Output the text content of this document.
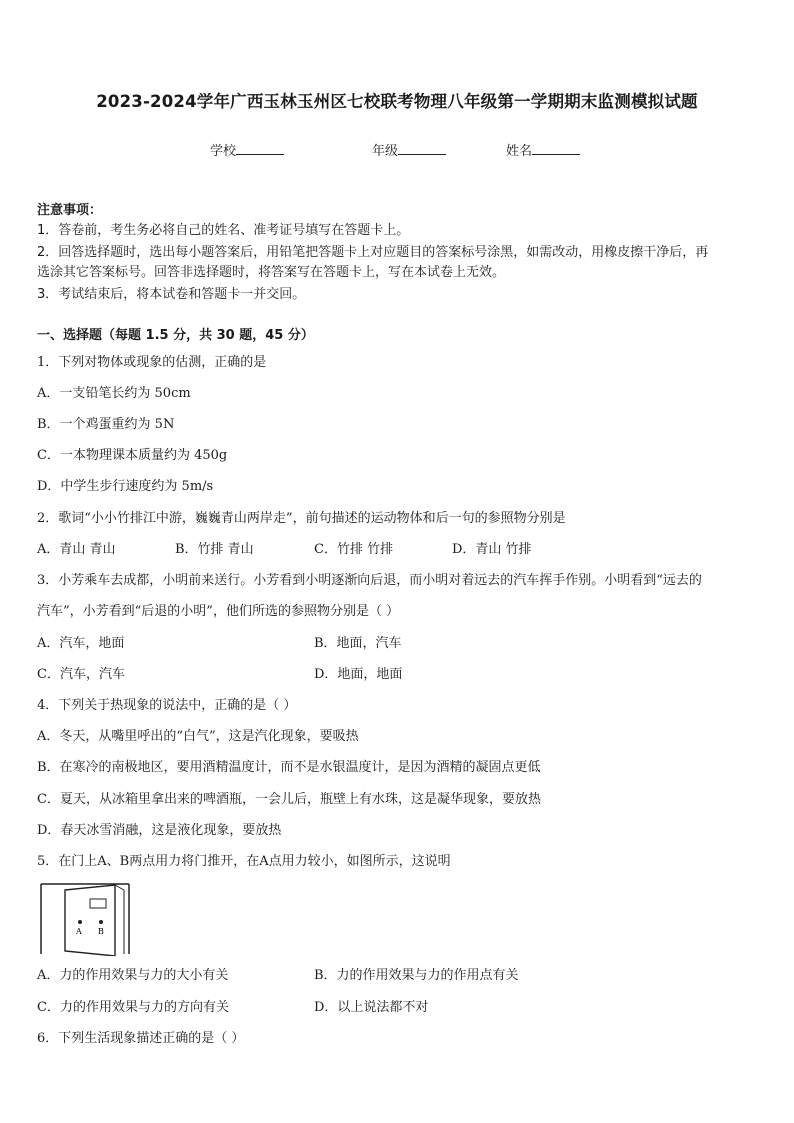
2023-2024学年广西玉林玉州区七校联考物理八年级第一学期期末监测模拟试题
学校	年级	姓名
注意事项：
1．答卷前，考生务必将自己的姓名、准考证号填写在答题卡上。
2．回答选择题时，选出每小题答案后，用铅笔把答题卡上对应题目的答案标号涂黑，如需改动，用橡皮擦干净后，再
选涂其它答案标号。回答非选择题时，将答案写在答题卡上，写在本试卷上无效。
3．考试结束后，将本试卷和答题卡一并交回。
一、选择题（每题 1.5 分，共 30 题，45 分）
1．下列对物体或现象的估测，正确的是
A．一支铅笔长约为 50cm
B．一个鸡蛋重约为 5N
C．一本物理课本质量约为 450g
D．中学生步行速度约为 5m/s
2．歌词“小小竹排江中游，巍巍青山两岸走”，前句描述的运动物体和后一句的参照物分别是
A．青山 青山	B．竹排 青山	C．竹排 竹排	D．青山 竹排
3．小芳乘车去成都，小明前来送行。小芳看到小明逐渐向后退，而小明对着远去的汽车挥手作别。小明看到“远去的
汽车”，小芳看到“后退的小明”，他们所选的参照物分别是（ ）
A．汽车，地面	B．地面，汽车
C．汽车，汽车	D．地面，地面
4．下列关于热现象的说法中，正确的是（ ）
A．冬天，从嘴里呼出的“白气”，这是汽化现象，要吸热
B．在寒冷的南极地区，要用酒精温度计，而不是水银温度计，是因为酒精的凝固点更低
C．夏天，从冰箱里拿出来的啤酒瓶，一会儿后，瓶壁上有水珠，这是凝华现象，要放热
D．春天冰雪消融，这是液化现象，要放热
5．在门上A、B两点用力将门推开，在A点用力较小，如图所示，这说明
A B
A．力的作用效果与力的大小有关	B．力的作用效果与力的作用点有关
C．力的作用效果与力的方向有关	D．以上说法都不对
6．下列生活现象描述正确的是（ ）
